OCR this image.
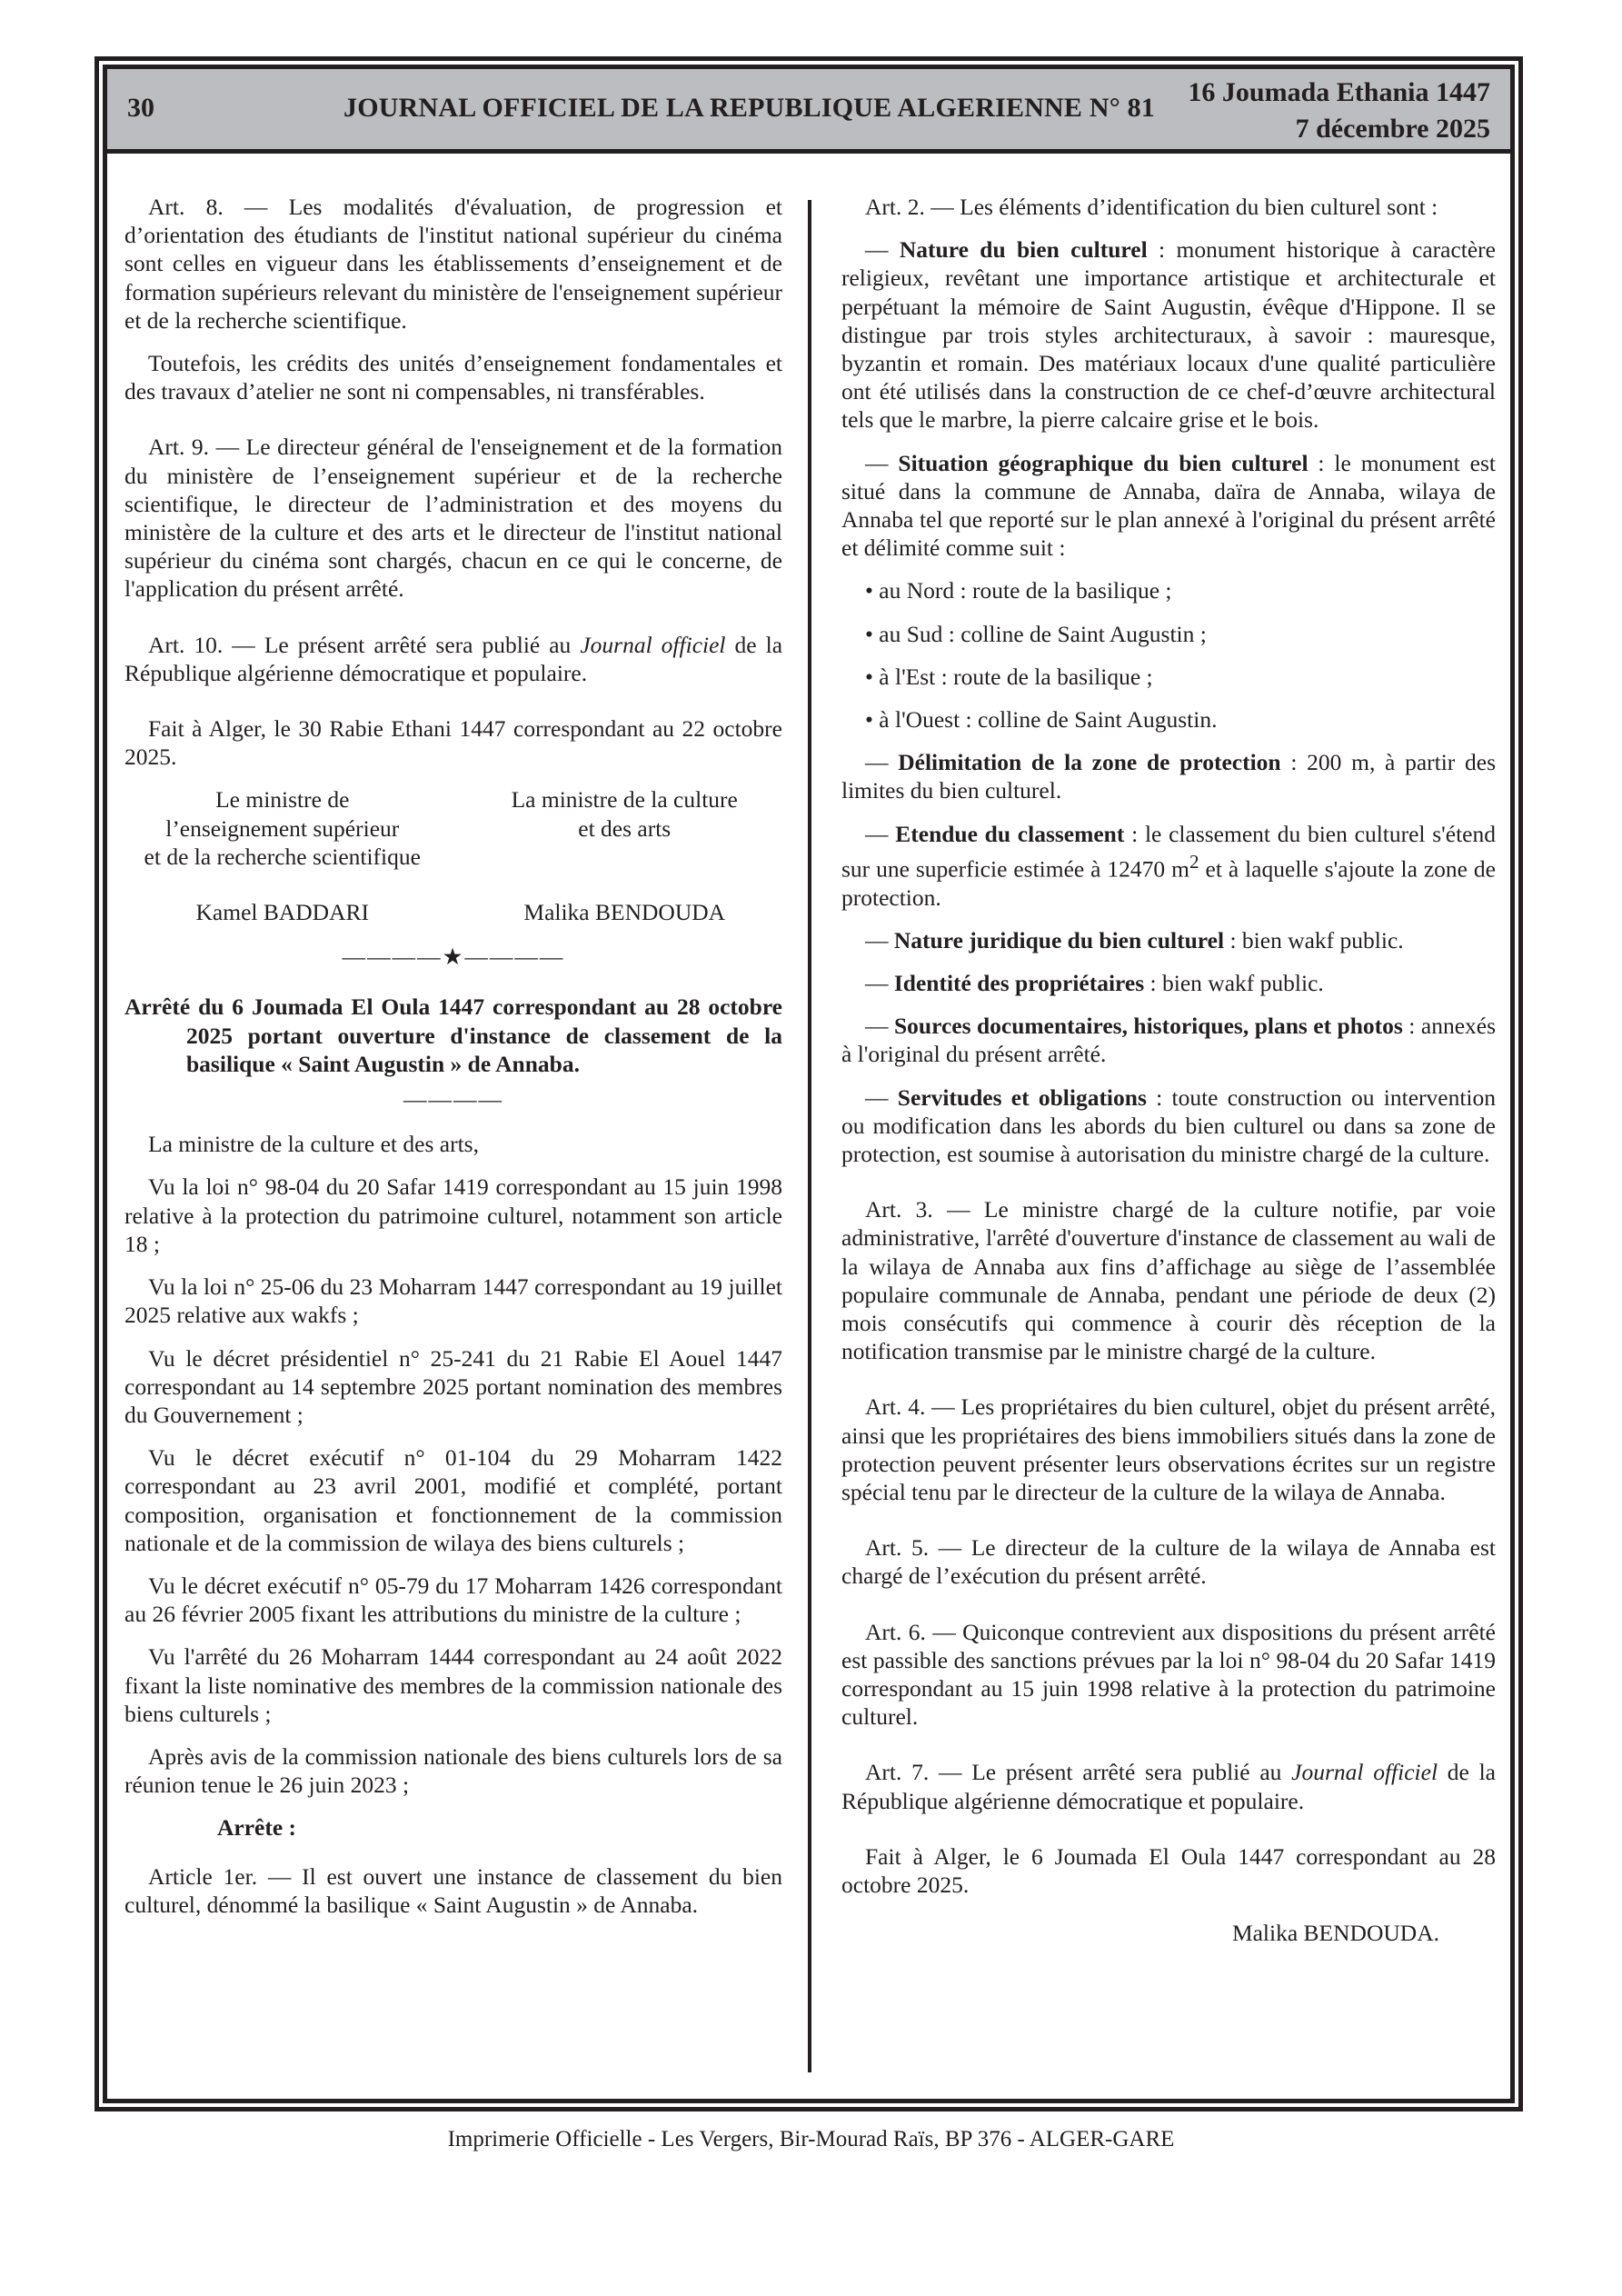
30	JOURNAL OFFICIEL DE LA REPUBLIQUE ALGERIENNE N° 81
16 Joumada Ethania 1447
7 décembre 2025

Art. 8. — Les modalités d'évaluation, de progression et d’orientation des étudiants de l'institut national supérieur du cinéma sont celles en vigueur dans les établissements d’enseignement et de formation supérieurs relevant du ministère de l'enseignement supérieur et de la recherche scientifique.

Toutefois, les crédits des unités d’enseignement fondamentales et des travaux d’atelier ne sont ni compensables, ni transférables.

Art. 9. — Le directeur général de l'enseignement et de la formation du ministère de l’enseignement supérieur et de la recherche scientifique, le directeur de l’administration et des moyens du ministère de la culture et des arts et le directeur de l'institut national supérieur du cinéma sont chargés, chacun en ce qui le concerne, de l'application du présent arrêté.

Art. 10. — Le présent arrêté sera publié au Journal officiel de la République algérienne démocratique et populaire.

Fait à Alger, le 30 Rabie Ethani 1447 correspondant au 22 octobre 2025.

Le ministre de
l’enseignement supérieur
et de la recherche scientifique
La ministre de la culture
et des arts
Kamel BADDARI	Malika BENDOUDA
————★————

Arrêté du 6 Joumada El Oula 1447 correspondant au 28 octobre 2025 portant ouverture d'instance de classement de la basilique « Saint Augustin » de Annaba.

————

La ministre de la culture et des arts,

Vu la loi n° 98-04 du 20 Safar 1419 correspondant au 15 juin 1998 relative à la protection du patrimoine culturel, notamment son article 18 ;

Vu la loi n° 25-06 du 23 Moharram 1447 correspondant au 19 juillet 2025 relative aux wakfs ;

Vu le décret présidentiel n° 25-241 du 21 Rabie El Aouel 1447 correspondant au 14 septembre 2025 portant nomination des membres du Gouvernement ;

Vu le décret exécutif n° 01-104 du 29 Moharram 1422 correspondant au 23 avril 2001, modifié et complété, portant composition, organisation et fonctionnement de la commission nationale et de la commission de wilaya des biens culturels ;

Vu le décret exécutif n° 05-79 du 17 Moharram 1426 correspondant au 26 février 2005 fixant les attributions du ministre de la culture ;

Vu l'arrêté du 26 Moharram 1444 correspondant au 24 août 2022 fixant la liste nominative des membres de la commission nationale des biens culturels ;

Après avis de la commission nationale des biens culturels lors de sa réunion tenue le 26 juin 2023 ;

Arrête :

Article 1er. — Il est ouvert une instance de classement du bien culturel, dénommé la basilique « Saint Augustin » de Annaba.

Art. 2. — Les éléments d’identification du bien culturel sont :

— Nature du bien culturel : monument historique à caractère religieux, revêtant une importance artistique et architecturale et perpétuant la mémoire de Saint Augustin, évêque d'Hippone. Il se distingue par trois styles architecturaux, à savoir : mauresque, byzantin et romain. Des matériaux locaux d'une qualité particulière ont été utilisés dans la construction de ce chef-d’œuvre architectural tels que le marbre, la pierre calcaire grise et le bois.

— Situation géographique du bien culturel : le monument est situé dans la commune de Annaba, daïra de Annaba, wilaya de Annaba tel que reporté sur le plan annexé à l'original du présent arrêté et délimité comme suit :

• au Nord : route de la basilique ;

• au Sud : colline de Saint Augustin ;

• à l'Est : route de la basilique ;

• à l'Ouest : colline de Saint Augustin.

— Délimitation de la zone de protection : 200 m, à partir des limites du bien culturel.

— Etendue du classement : le classement du bien culturel s'étend sur une superficie estimée à 12470 $m^2$ et à laquelle s'ajoute la zone de protection.

— Nature juridique du bien culturel : bien wakf public.

— Identité des propriétaires : bien wakf public.

— Sources documentaires, historiques, plans et photos : annexés à l'original du présent arrêté.

— Servitudes et obligations : toute construction ou intervention ou modification dans les abords du bien culturel ou dans sa zone de protection, est soumise à autorisation du ministre chargé de la culture.

Art. 3. — Le ministre chargé de la culture notifie, par voie administrative, l'arrêté d'ouverture d'instance de classement au wali de la wilaya de Annaba aux fins d’affichage au siège de l’assemblée populaire communale de Annaba, pendant une période de deux (2) mois consécutifs qui commence à courir dès réception de la notification transmise par le ministre chargé de la culture.

Art. 4. — Les propriétaires du bien culturel, objet du présent arrêté, ainsi que les propriétaires des biens immobiliers situés dans la zone de protection peuvent présenter leurs observations écrites sur un registre spécial tenu par le directeur de la culture de la wilaya de Annaba.

Art. 5. — Le directeur de la culture de la wilaya de Annaba est chargé de l’exécution du présent arrêté.

Art. 6. — Quiconque contrevient aux dispositions du présent arrêté est passible des sanctions prévues par la loi n° 98-04 du 20 Safar 1419 correspondant au 15 juin 1998 relative à la protection du patrimoine culturel.

Art. 7. — Le présent arrêté sera publié au Journal officiel de la République algérienne démocratique et populaire.

Fait à Alger, le 6 Joumada El Oula 1447 correspondant au 28 octobre 2025.

Malika BENDOUDA.
Imprimerie Officielle - Les Vergers, Bir-Mourad Raïs, BP 376 - ALGER-GARE
